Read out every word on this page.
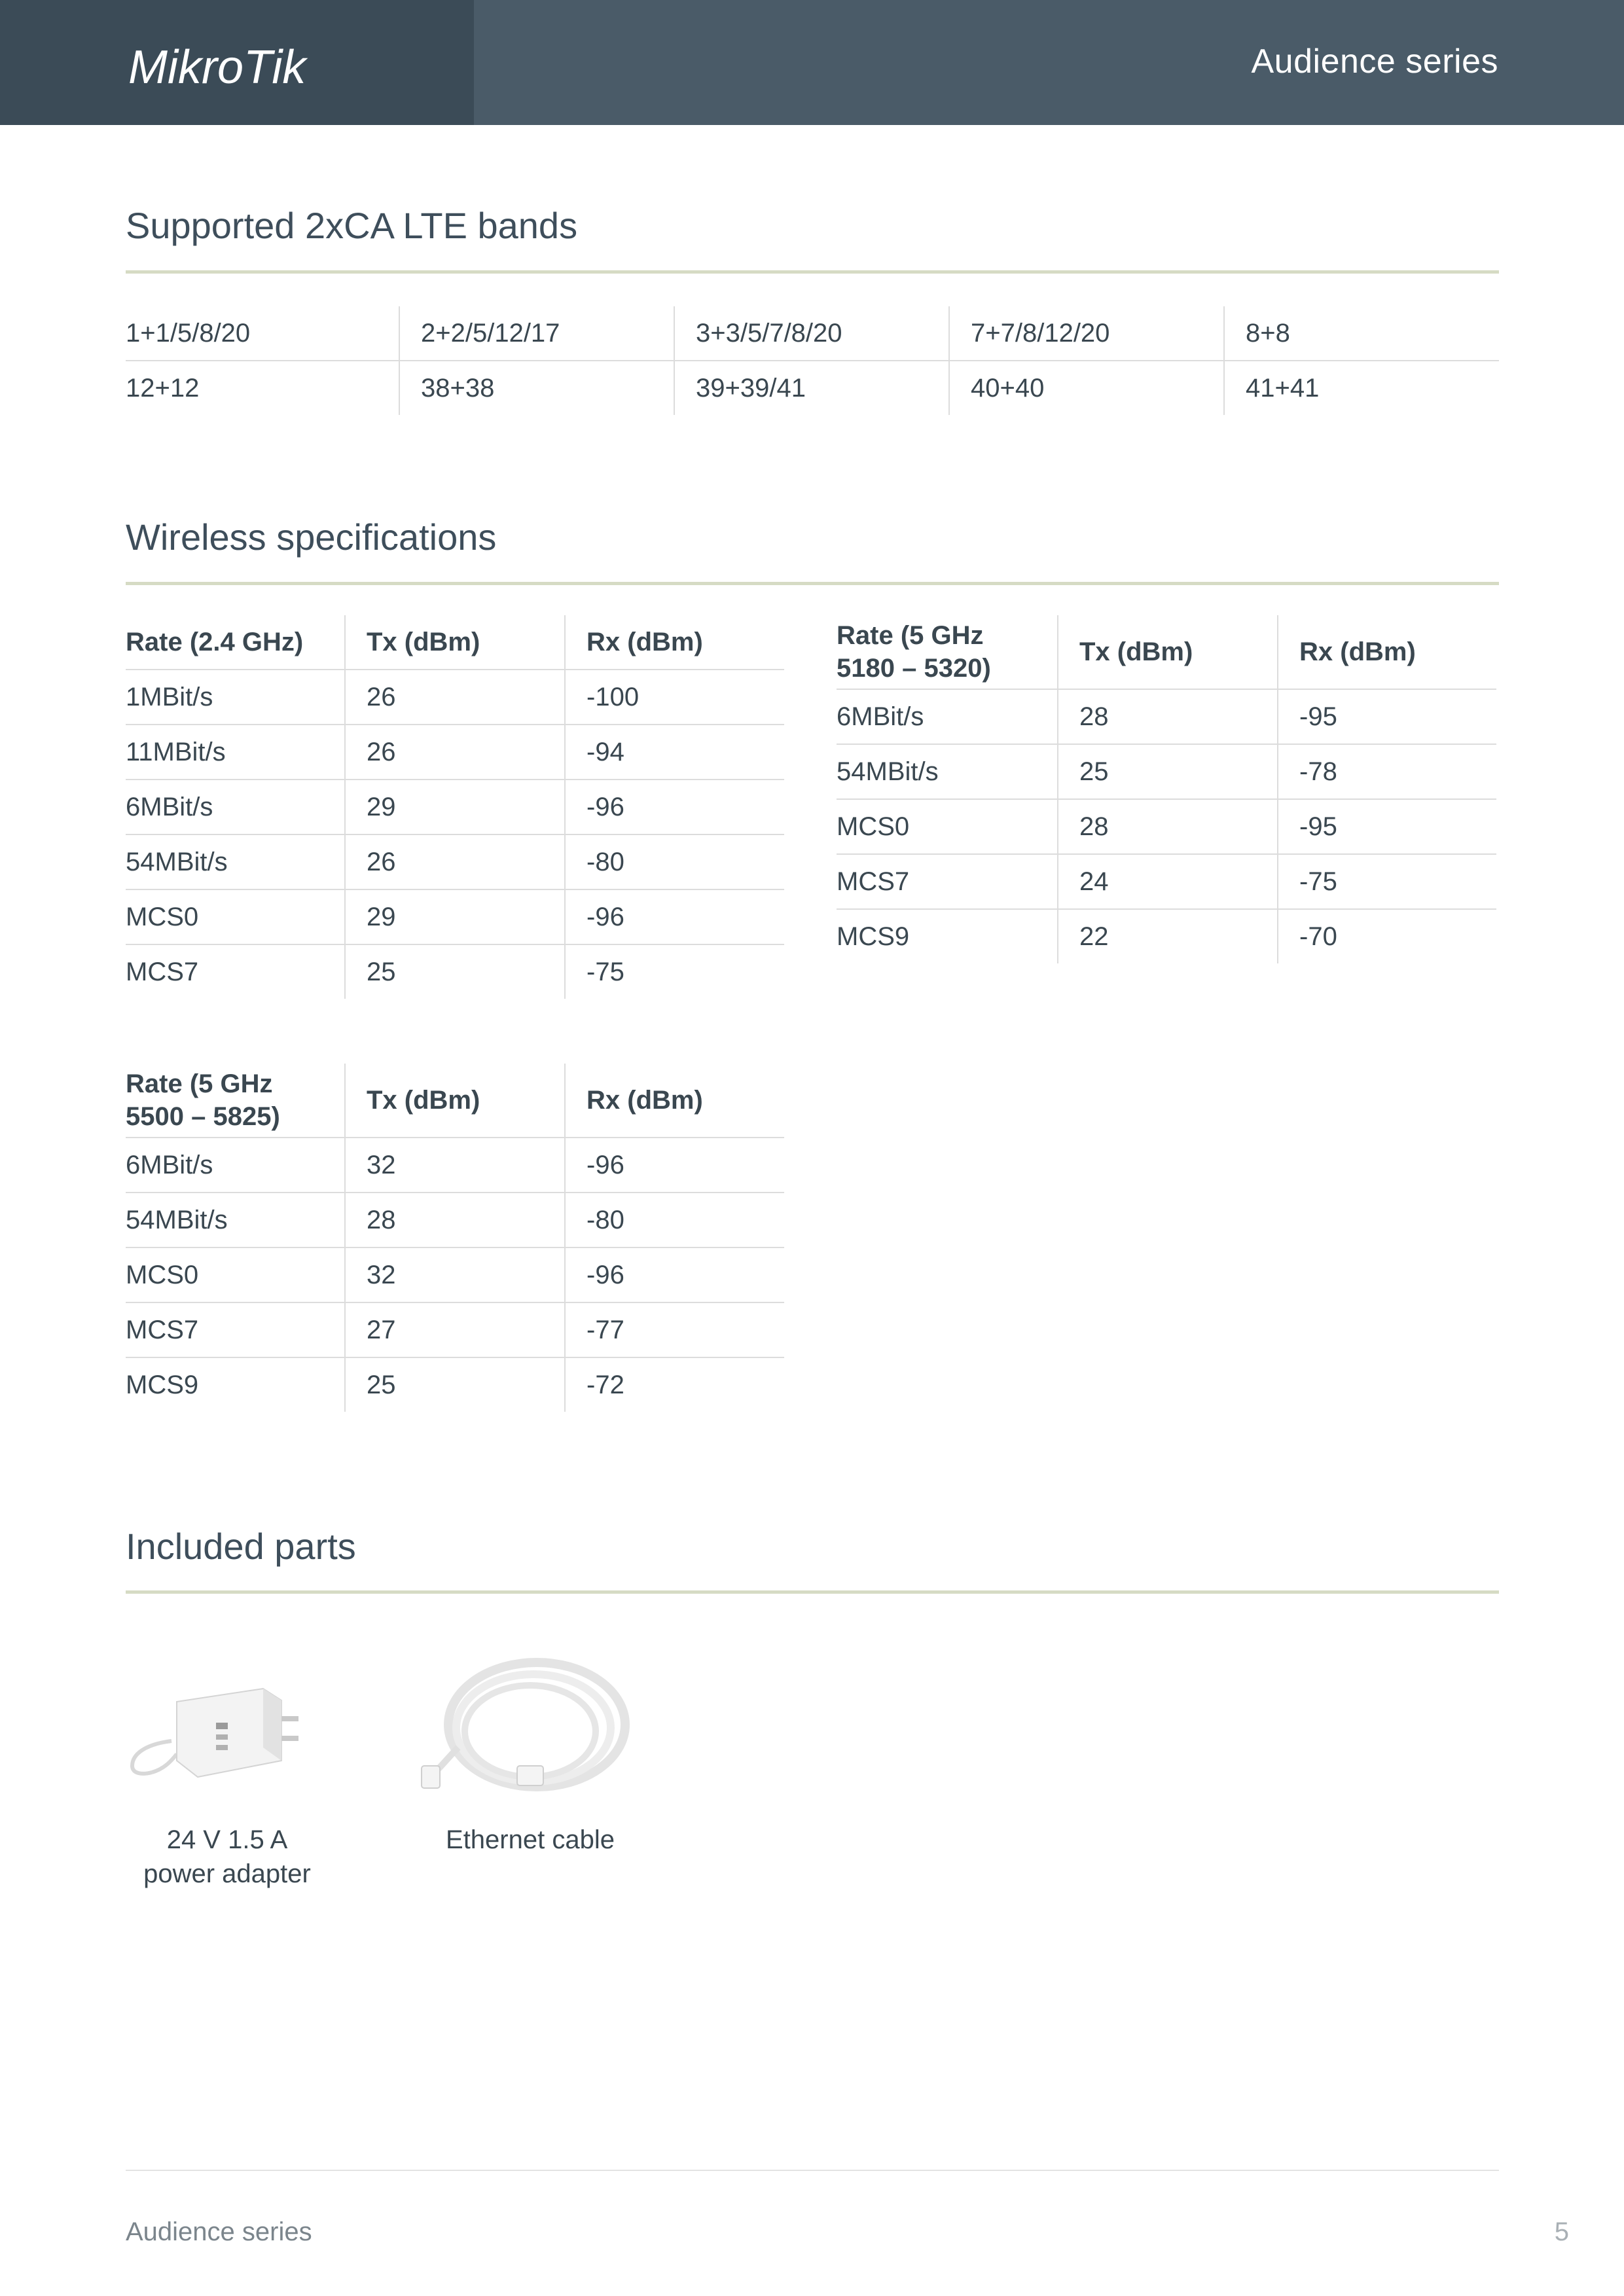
MikroTik	Audience series
Supported 2xCA LTE bands
1+1/5/8/20	2+2/5/12/17	3+3/5/7/8/20	7+7/8/12/20	8+8
12+12	38+38	39+39/41	40+40	41+41
Wireless specifications
Rate (2.4 GHz)	Tx (dBm)	Rx (dBm)
1MBit/s	26	-100
11MBit/s	26	-94
6MBit/s	29	-96
54MBit/s	26	-80
MCS0	29	-96
MCS7	25	-75
Rate (5 GHz
5180 – 5320)	Tx (dBm)	Rx (dBm)
6MBit/s	28	-95
54MBit/s	25	-78
MCS0	28	-95
MCS7	24	-75
MCS9	22	-70
Rate (5 GHz
5500 – 5825)	Tx (dBm)	Rx (dBm)
6MBit/s	32	-96
54MBit/s	28	-80
MCS0	32	-96
MCS7	27	-77
MCS9	25	-72
Included parts
24 V 1.5 A
power adapter
Ethernet cable
Audience series	5
